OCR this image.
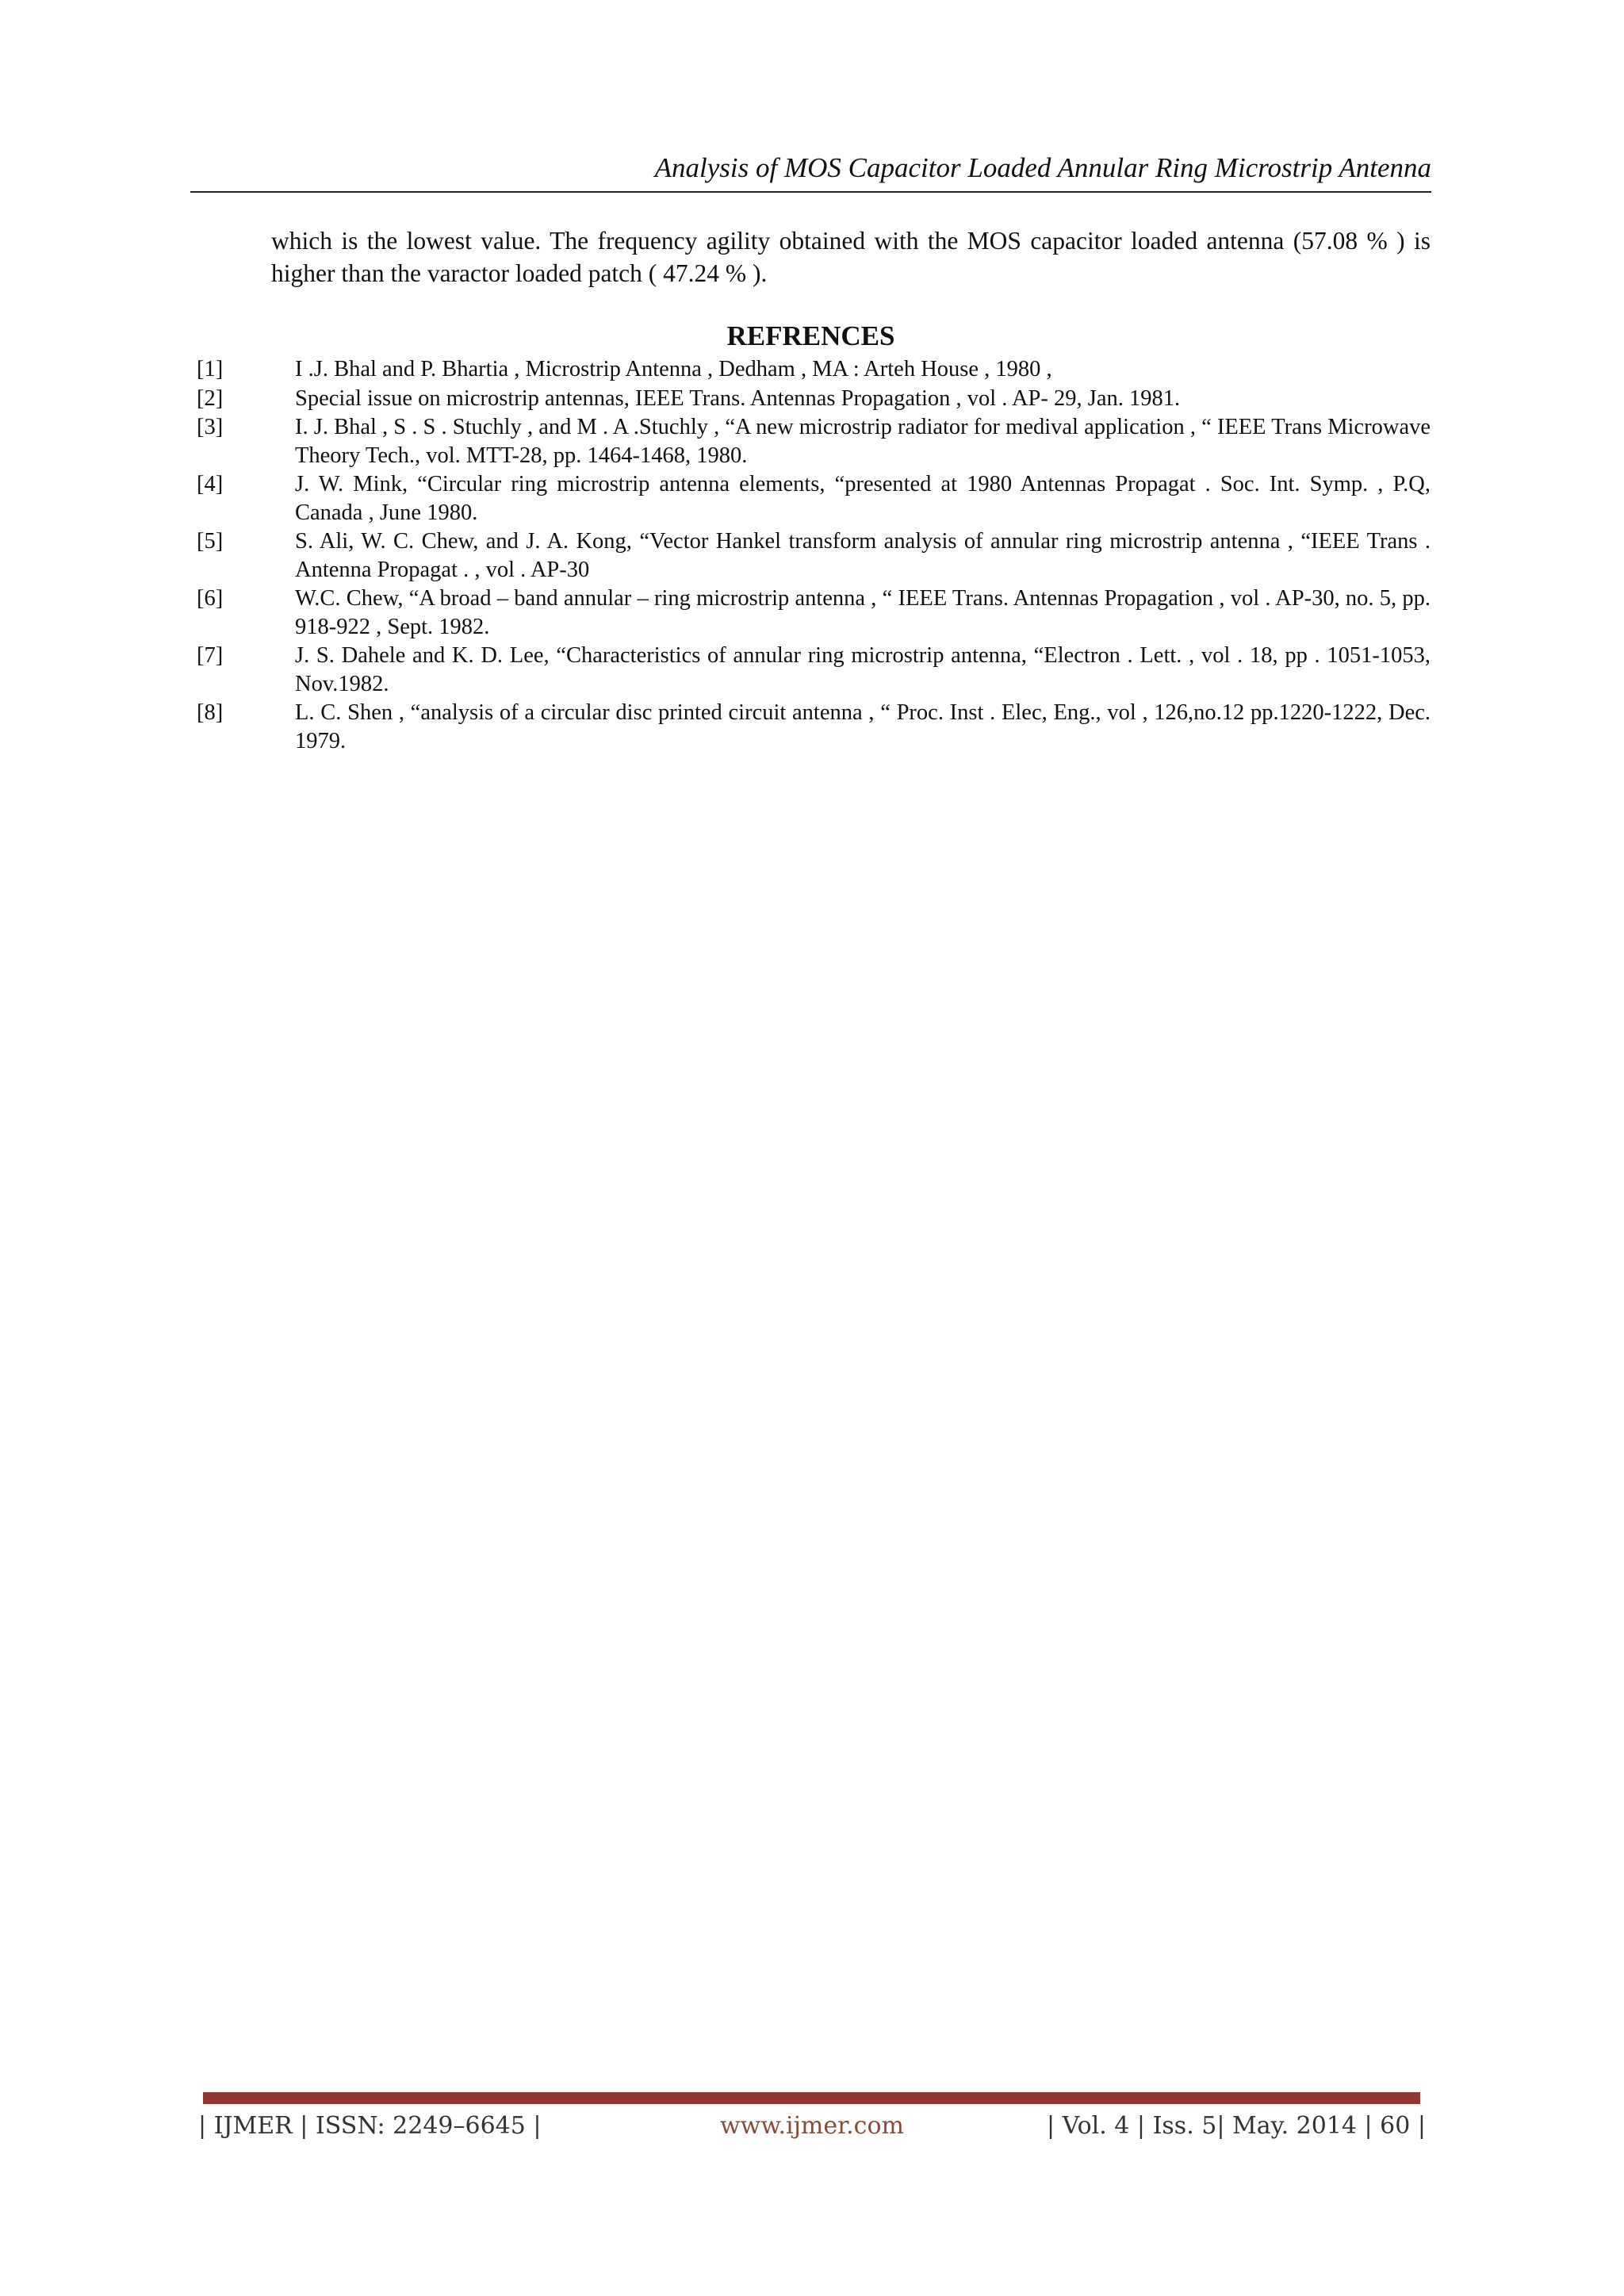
Analysis of MOS Capacitor Loaded Annular Ring Microstrip Antenna

which is the lowest value. The frequency agility obtained with the MOS capacitor loaded antenna (57.08 % ) is higher than the varactor loaded patch ( 47.24 % ).

REFRENCES
[1]	I .J. Bhal and P. Bhartia , Microstrip Antenna , Dedham , MA : Arteh House , 1980 ,
[2]	Special issue on microstrip antennas, IEEE Trans. Antennas Propagation , vol . AP- 29, Jan. 1981.
[3]	I. J. Bhal , S . S . Stuchly , and M . A .Stuchly , “A new microstrip radiator for medival application , “ IEEE Trans Microwave Theory Tech., vol. MTT-28, pp. 1464-1468, 1980.
[4]	J. W. Mink, “Circular ring microstrip antenna elements, “presented at 1980 Antennas Propagat . Soc. Int. Symp. , P.Q, Canada , June 1980.
[5]	S. Ali, W. C. Chew, and J. A. Kong, “Vector Hankel transform analysis of annular ring microstrip antenna , “IEEE Trans . Antenna Propagat . , vol . AP-30
[6]	W.C. Chew, “A broad – band annular – ring microstrip antenna , “ IEEE Trans. Antennas Propagation , vol . AP-30, no. 5, pp. 918-922 , Sept. 1982.
[7]	J. S. Dahele and K. D. Lee, “Characteristics of annular ring microstrip antenna, “Electron . Lett. , vol . 18, pp . 1051-1053, Nov.1982.
[8]	L. C. Shen , “analysis of a circular disc printed circuit antenna , “ Proc. Inst . Elec, Eng., vol , 126,no.12 pp.1220-1222, Dec. 1979.
| IJMER | ISSN: 2249–6645 |	www.ijmer.com	| Vol. 4 | Iss. 5| May. 2014 | 60 |
